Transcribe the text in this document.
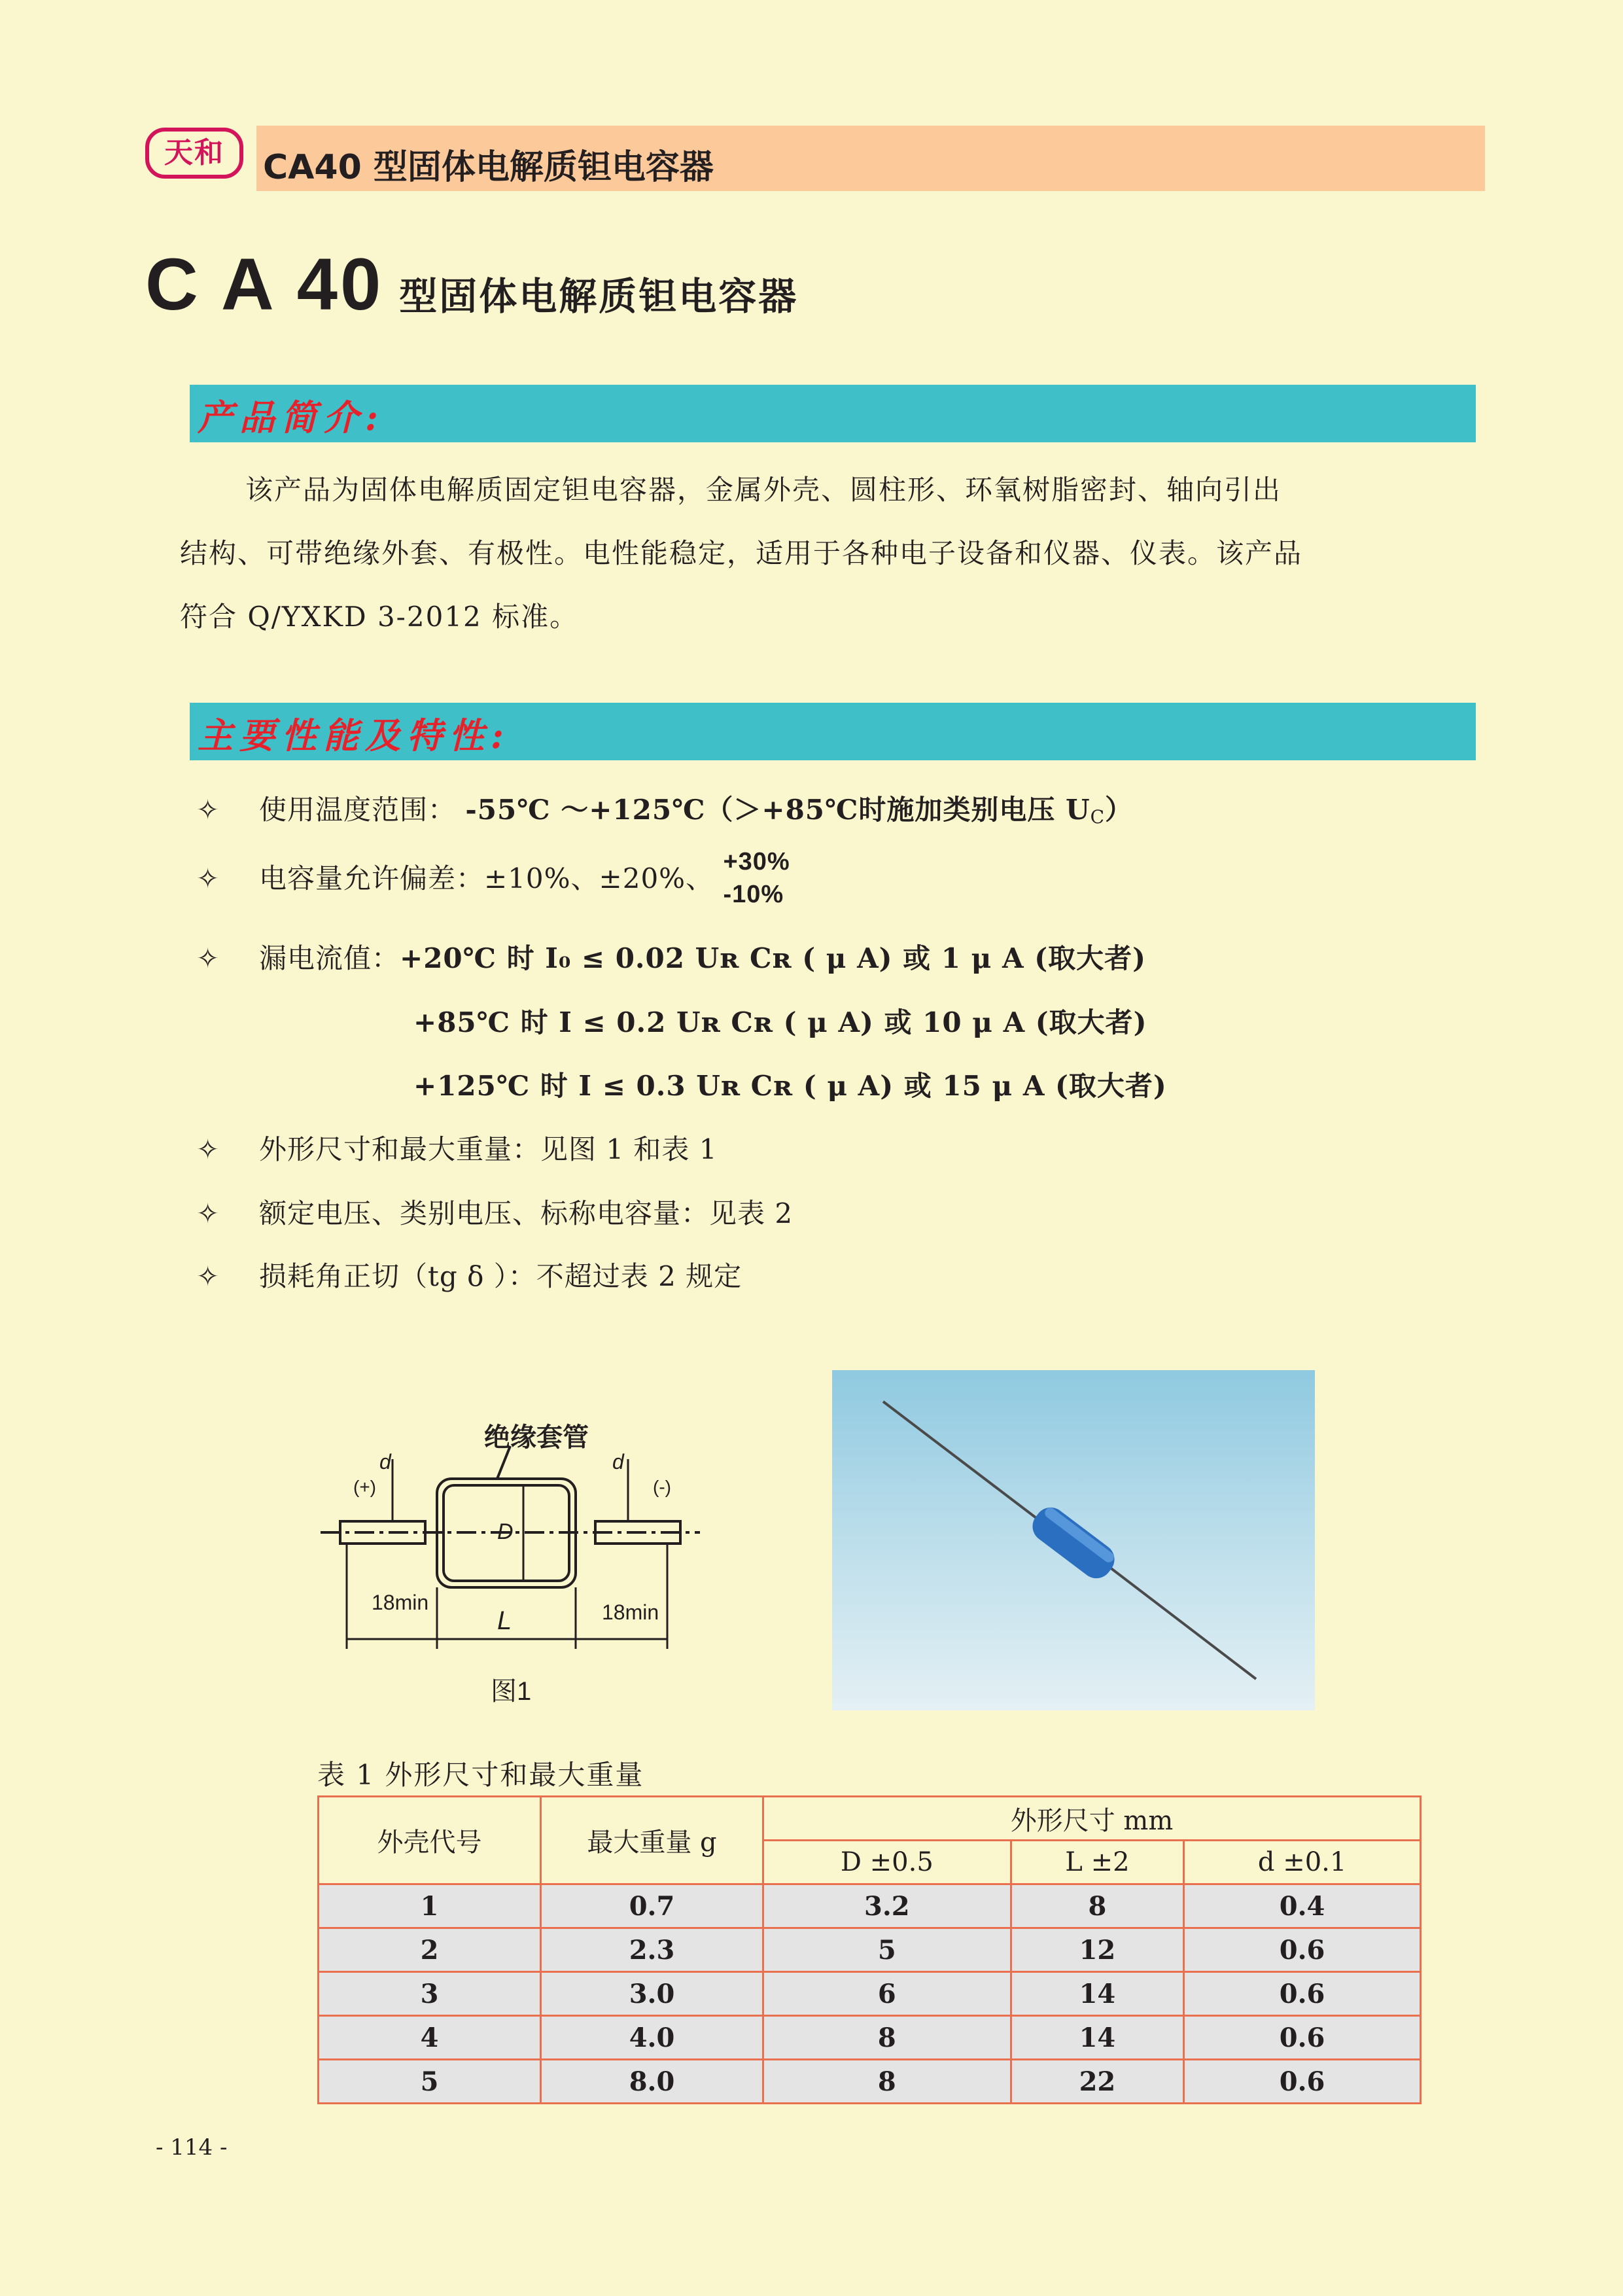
天和	CA40 型固体电解质钽电容器
C A 40 型固体电解质钽电容器
产品简介:

该产品为固体电解质固定钽电容器，金属外壳、圆柱形、环氧树脂密封、轴向引出

结构、可带绝缘外套、有极性。电性能稳定，适用于各种电子设备和仪器、仪表。该产品

符合 Q/YXKD 3-2012 标准。

主要性能及特性:
✧ 使用温度范围： -55℃ ～+125℃（＞+85℃时施加类别电压 UC）
✧ 电容量允许偏差：±10%、±20%、
+30%
-10%
✧ 漏电流值：+20℃ 时 I₀ ≤ 0.02 Uʀ Cʀ ( μ A) 或 1 μ A (取大者)
+85℃ 时 I ≤ 0.2 Uʀ Cʀ ( μ A) 或 10 μ A (取大者)
+125℃ 时 I ≤ 0.3 Uʀ Cʀ ( μ A) 或 15 μ A (取大者)
✧ 外形尺寸和最大重量：见图 1 和表 1
✧ 额定电压、类别电压、标称电容量：见表 2
✧ 损耗角正切（tg δ ）：不超过表 2 规定
绝缘套管
(+)	(-)
d	d
D
L
18min	18min
图1
表 1 外形尺寸和最大重量
外壳代号	最大重量 g	外形尺寸 mm		
		D ±0.5	L ±2	d ±0.1
1	0.7	3.2	8	0.4
2	2.3	5	12	0.6
3	3.0	6	14	0.6
4	4.0	8	14	0.6
5	8.0	8	22	0.6
- 114 -
